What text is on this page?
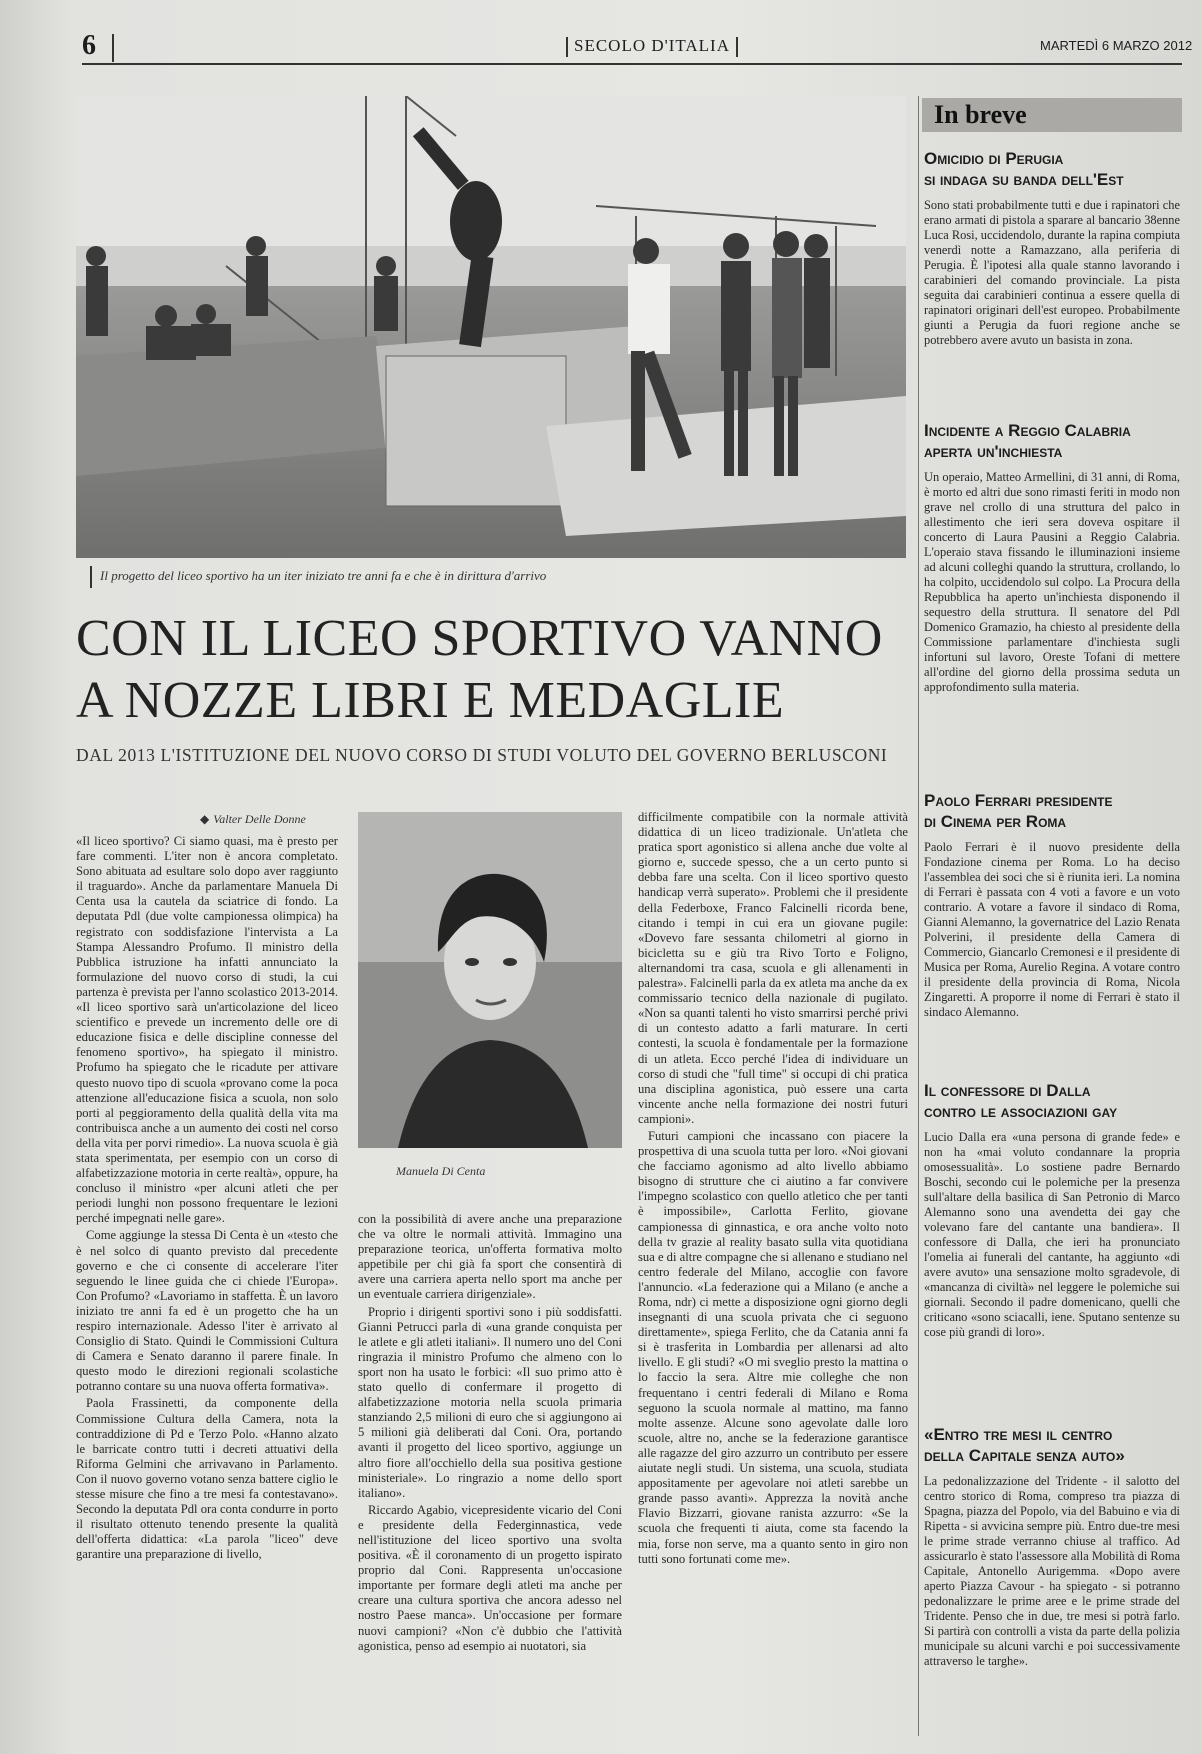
6	SECOLO D'ITALIA	MARTEDÌ 6 MARZO 2012
Il progetto del liceo sportivo ha un iter iniziato tre anni fa e che è in dirittura d'arrivo
CON IL LICEO SPORTIVO VANNO
A NOZZE LIBRI E MEDAGLIE
DAL 2013 L'ISTITUZIONE DEL NUOVO CORSO DI STUDI VOLUTO DEL GOVERNO BERLUSCONI
◆ Valter Delle Donne

«Il liceo sportivo? Ci siamo quasi, ma è presto per fare commenti. L'iter non è ancora completato. Sono abituata ad esultare solo dopo aver raggiunto il traguardo». Anche da parlamentare Manuela Di Centa usa la cautela da sciatrice di fondo. La deputata Pdl (due volte campionessa olimpica) ha registrato con soddisfazione l'intervista a La Stampa Alessandro Profumo. Il ministro della Pubblica istruzione ha infatti annunciato la formulazione del nuovo corso di studi, la cui partenza è prevista per l'anno scolastico 2013-2014. «Il liceo sportivo sarà un'articolazione del liceo scientifico e prevede un incremento delle ore di educazione fisica e delle discipline connesse del fenomeno sportivo», ha spiegato il ministro. Profumo ha spiegato che le ricadute per attivare questo nuovo tipo di scuola «provano come la poca attenzione all'educazione fisica a scuola, non solo porti al peggioramento della qualità della vita ma contribuisca anche a un aumento dei costi nel corso della vita per porvi rimedio». La nuova scuola è già stata sperimentata, per esempio con un corso di alfabetizzazione motoria in certe realtà», oppure, ha concluso il ministro «per alcuni atleti che per periodi lunghi non possono frequentare le lezioni perché impegnati nelle gare».

Come aggiunge la stessa Di Centa è un «testo che è nel solco di quanto previsto dal precedente governo e che ci consente di accelerare l'iter seguendo le linee guida che ci chiede l'Europa». Con Profumo? «Lavoriamo in staffetta. È un lavoro iniziato tre anni fa ed è un progetto che ha un respiro internazionale. Adesso l'iter è arrivato al Consiglio di Stato. Quindi le Commissioni Cultura di Camera e Senato daranno il parere finale. In questo modo le direzioni regionali scolastiche potranno contare su una nuova offerta formativa».

Paola Frassinetti, da componente della Commissione Cultura della Camera, nota la contraddizione di Pd e Terzo Polo. «Hanno alzato le barricate contro tutti i decreti attuativi della Riforma Gelmini che arrivavano in Parlamento. Con il nuovo governo votano senza battere ciglio le stesse misure che fino a tre mesi fa contestavano». Secondo la deputata Pdl ora conta condurre in porto il risultato ottenuto tenendo presente la qualità dell'offerta didattica: «La parola "liceo" deve garantire una preparazione di livello,

Manuela Di Centa

con la possibilità di avere anche una preparazione che va oltre le normali attività. Immagino una preparazione teorica, un'offerta formativa molto appetibile per chi già fa sport che consentirà di avere una carriera aperta nello sport ma anche per un eventuale carriera dirigenziale».

Proprio i dirigenti sportivi sono i più soddisfatti. Gianni Petrucci parla di «una grande conquista per le atlete e gli atleti italiani». Il numero uno del Coni ringrazia il ministro Profumo che almeno con lo sport non ha usato le forbici: «Il suo primo atto è stato quello di confermare il progetto di alfabetizzazione motoria nella scuola primaria stanziando 2,5 milioni di euro che si aggiungono ai 5 milioni già deliberati dal Coni. Ora, portando avanti il progetto del liceo sportivo, aggiunge un altro fiore all'occhiello della sua positiva gestione ministeriale». Lo ringrazio a nome dello sport italiano».

Riccardo Agabio, vicepresidente vicario del Coni e presidente della Federginnastica, vede nell'istituzione del liceo sportivo una svolta positiva. «È il coronamento di un progetto ispirato proprio dal Coni. Rappresenta un'occasione importante per formare degli atleti ma anche per creare una cultura sportiva che ancora adesso nel nostro Paese manca». Un'occasione per formare nuovi campioni? «Non c'è dubbio che l'attività agonistica, penso ad esempio ai nuotatori, sia

difficilmente compatibile con la normale attività didattica di un liceo tradizionale. Un'atleta che pratica sport agonistico si allena anche due volte al giorno e, succede spesso, che a un certo punto si debba fare una scelta. Con il liceo sportivo questo handicap verrà superato». Problemi che il presidente della Federboxe, Franco Falcinelli ricorda bene, citando i tempi in cui era un giovane pugile: «Dovevo fare sessanta chilometri al giorno in bicicletta su e giù tra Rivo Torto e Foligno, alternandomi tra casa, scuola e gli allenamenti in palestra». Falcinelli parla da ex atleta ma anche da ex commissario tecnico della nazionale di pugilato. «Non sa quanti talenti ho visto smarrirsi perché privi di un contesto adatto a farli maturare. In certi contesti, la scuola è fondamentale per la formazione di un atleta. Ecco perché l'idea di individuare un corso di studi che "full time" si occupi di chi pratica una disciplina agonistica, può essere una carta vincente anche nella formazione dei nostri futuri campioni».

Futuri campioni che incassano con piacere la prospettiva di una scuola tutta per loro. «Noi giovani che facciamo agonismo ad alto livello abbiamo bisogno di strutture che ci aiutino a far convivere l'impegno scolastico con quello atletico che per tanti è impossibile», Carlotta Ferlito, giovane campionessa di ginnastica, e ora anche volto noto della tv grazie al reality basato sulla vita quotidiana sua e di altre compagne che si allenano e studiano nel centro federale del Milano, accoglie con favore l'annuncio. «La federazione qui a Milano (e anche a Roma, ndr) ci mette a disposizione ogni giorno degli insegnanti di una scuola privata che ci seguono direttamente», spiega Ferlito, che da Catania anni fa si è trasferita in Lombardia per allenarsi ad alto livello. E gli studi? «O mi sveglio presto la mattina o lo faccio la sera. Altre mie colleghe che non frequentano i centri federali di Milano e Roma seguono la scuola normale al mattino, ma fanno molte assenze. Alcune sono agevolate dalle loro scuole, altre no, anche se la federazione garantisce alle ragazze del giro azzurro un contributo per essere aiutate negli studi. Un sistema, una scuola, studiata appositamente per agevolare noi atleti sarebbe un grande passo avanti». Apprezza la novità anche Flavio Bizzarri, giovane ranista azzurro: «Se la scuola che frequenti ti aiuta, come sta facendo la mia, forse non serve, ma a quanto sento in giro non tutti sono fortunati come me».

In breve
Omicidio di Perugia
si indaga su banda dell'Est
Sono stati probabilmente tutti e due i rapinatori che erano armati di pistola a sparare al bancario 38enne Luca Rosi, uccidendolo, durante la rapina compiuta venerdì notte a Ramazzano, alla periferia di Perugia. È l'ipotesi alla quale stanno lavorando i carabinieri del comando provinciale. La pista seguita dai carabinieri continua a essere quella di rapinatori originari dell'est europeo. Probabilmente giunti a Perugia da fuori regione anche se potrebbero avere avuto un basista in zona.
Incidente a Reggio Calabria
aperta un'inchiesta
Un operaio, Matteo Armellini, di 31 anni, di Roma, è morto ed altri due sono rimasti feriti in modo non grave nel crollo di una struttura del palco in allestimento che ieri sera doveva ospitare il concerto di Laura Pausini a Reggio Calabria. L'operaio stava fissando le illuminazioni insieme ad alcuni colleghi quando la struttura, crollando, lo ha colpito, uccidendolo sul colpo. La Procura della Repubblica ha aperto un'inchiesta disponendo il sequestro della struttura. Il senatore del Pdl Domenico Gramazio, ha chiesto al presidente della Commissione parlamentare d'inchiesta sugli infortuni sul lavoro, Oreste Tofani di mettere all'ordine del giorno della prossima seduta un approfondimento sulla materia.
Paolo Ferrari presidente
di Cinema per Roma
Paolo Ferrari è il nuovo presidente della Fondazione cinema per Roma. Lo ha deciso l'assemblea dei soci che si è riunita ieri. La nomina di Ferrari è passata con 4 voti a favore e un voto contrario. A votare a favore il sindaco di Roma, Gianni Alemanno, la governatrice del Lazio Renata Polverini, il presidente della Camera di Commercio, Giancarlo Cremonesi e il presidente di Musica per Roma, Aurelio Regina. A votare contro il presidente della provincia di Roma, Nicola Zingaretti. A proporre il nome di Ferrari è stato il sindaco Alemanno.
Il confessore di Dalla
contro le associazioni gay
Lucio Dalla era «una persona di grande fede» e non ha «mai voluto condannare la propria omosessualità». Lo sostiene padre Bernardo Boschi, secondo cui le polemiche per la presenza sull'altare della basilica di San Petronio di Marco Alemanno sono una avendetta dei gay che volevano fare del cantante una bandiera». Il confessore di Dalla, che ieri ha pronunciato l'omelia ai funerali del cantante, ha aggiunto «di avere avuto» una sensazione molto sgradevole, di «mancanza di civiltà» nel leggere le polemiche sui giornali. Secondo il padre domenicano, quelli che criticano «sono sciacalli, iene. Sputano sentenze su cose più grandi di loro».
«Entro tre mesi il centro
della Capitale senza auto»
La pedonalizzazione del Tridente - il salotto del centro storico di Roma, compreso tra piazza di Spagna, piazza del Popolo, via del Babuino e via di Ripetta - si avvicina sempre più. Entro due-tre mesi le prime strade verranno chiuse al traffico. Ad assicurarlo è stato l'assessore alla Mobilità di Roma Capitale, Antonello Aurigemma. «Dopo avere aperto Piazza Cavour - ha spiegato - si potranno pedonalizzare le prime aree e le prime strade del Tridente. Penso che in due, tre mesi si potrà farlo. Si partirà con controlli a vista da parte della polizia municipale su alcuni varchi e poi successivamente attraverso le targhe».
